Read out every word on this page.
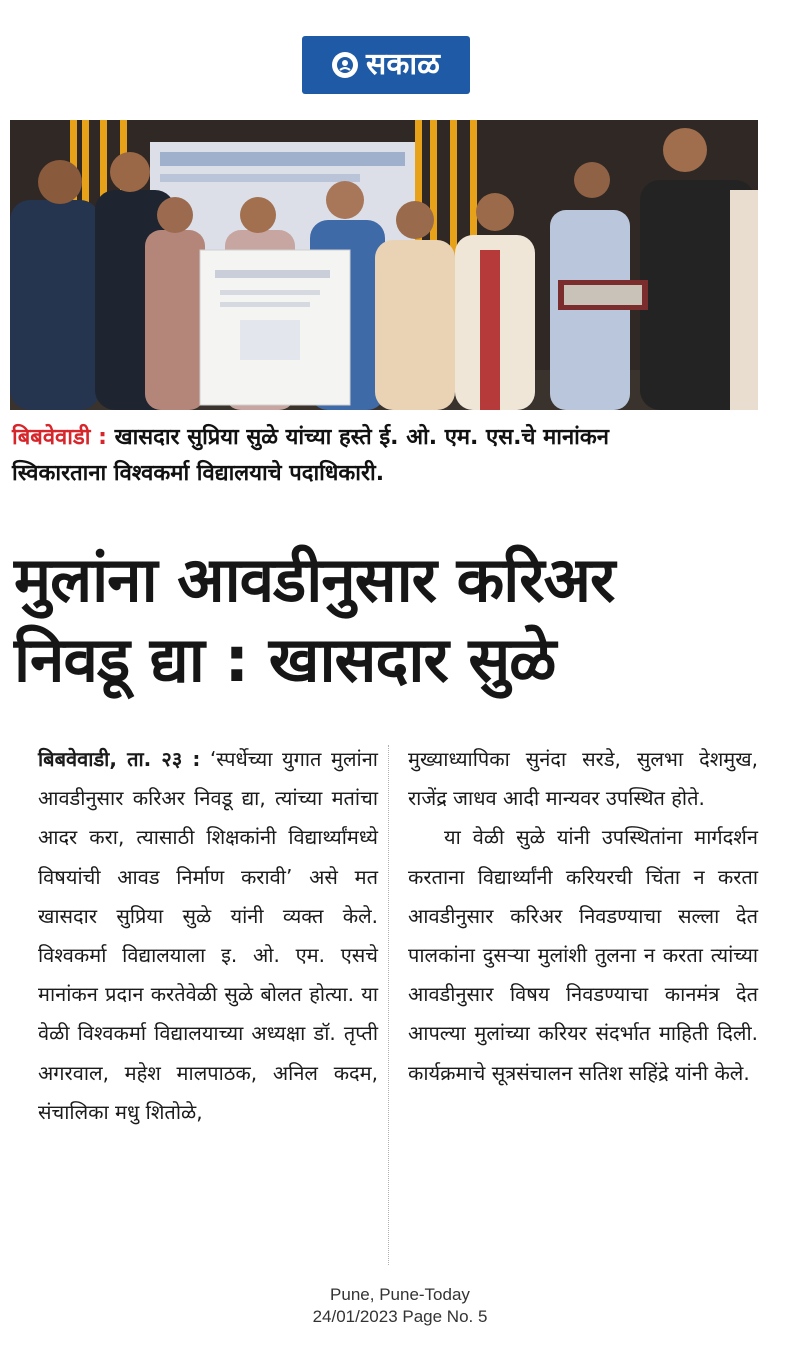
सकाळ
बिबवेवाडी : खासदार सुप्रिया सुळे यांच्या हस्ते ई. ओ. एम. एस.चे मानांकन
स्विकारताना विश्वकर्मा विद्यालयाचे पदाधिकारी.
मुलांना आवडीनुसार करिअर
निवडू द्या : खासदार सुळे

बिबवेवाडी, ता. २३ : ‘स्पर्धेच्या युगात मुलांना आवडीनुसार करिअर निवडू द्या, त्यांच्या मतांचा आदर करा, त्यासाठी शिक्षकांनी विद्यार्थ्यांमध्ये विषयांची आवड निर्माण करावी’ असे मत खासदार सुप्रिया सुळे यांनी व्यक्त केले. विश्वकर्मा विद्यालयाला इ. ओ. एम. एसचे मानांकन प्रदान करतेवेळी सुळे बोलत होत्या. या वेळी विश्वकर्मा विद्यालयाच्या अध्यक्षा डॉ. तृप्ती अगरवाल, महेश मालपाठक, अनिल कदम, संचालिका मधु शितोळे,

मुख्याध्यापिका सुनंदा सरडे, सुलभा देशमुख, राजेंद्र जाधव आदी मान्यवर उपस्थित होते.

या वेळी सुळे यांनी उपस्थितांना मार्गदर्शन करताना विद्यार्थ्यांनी करियरची चिंता न करता आवडीनुसार करिअर निवडण्याचा सल्ला देत पालकांना दुसऱ्या मुलांशी तुलना न करता त्यांच्या आवडीनुसार विषय निवडण्याचा कानमंत्र देत आपल्या मुलांच्या करियर संदर्भात माहिती दिली. कार्यक्रमाचे सूत्रसंचालन सतिश सहिंद्रे यांनी केले.

Pune, Pune-Today
24/01/2023 Page No. 5
